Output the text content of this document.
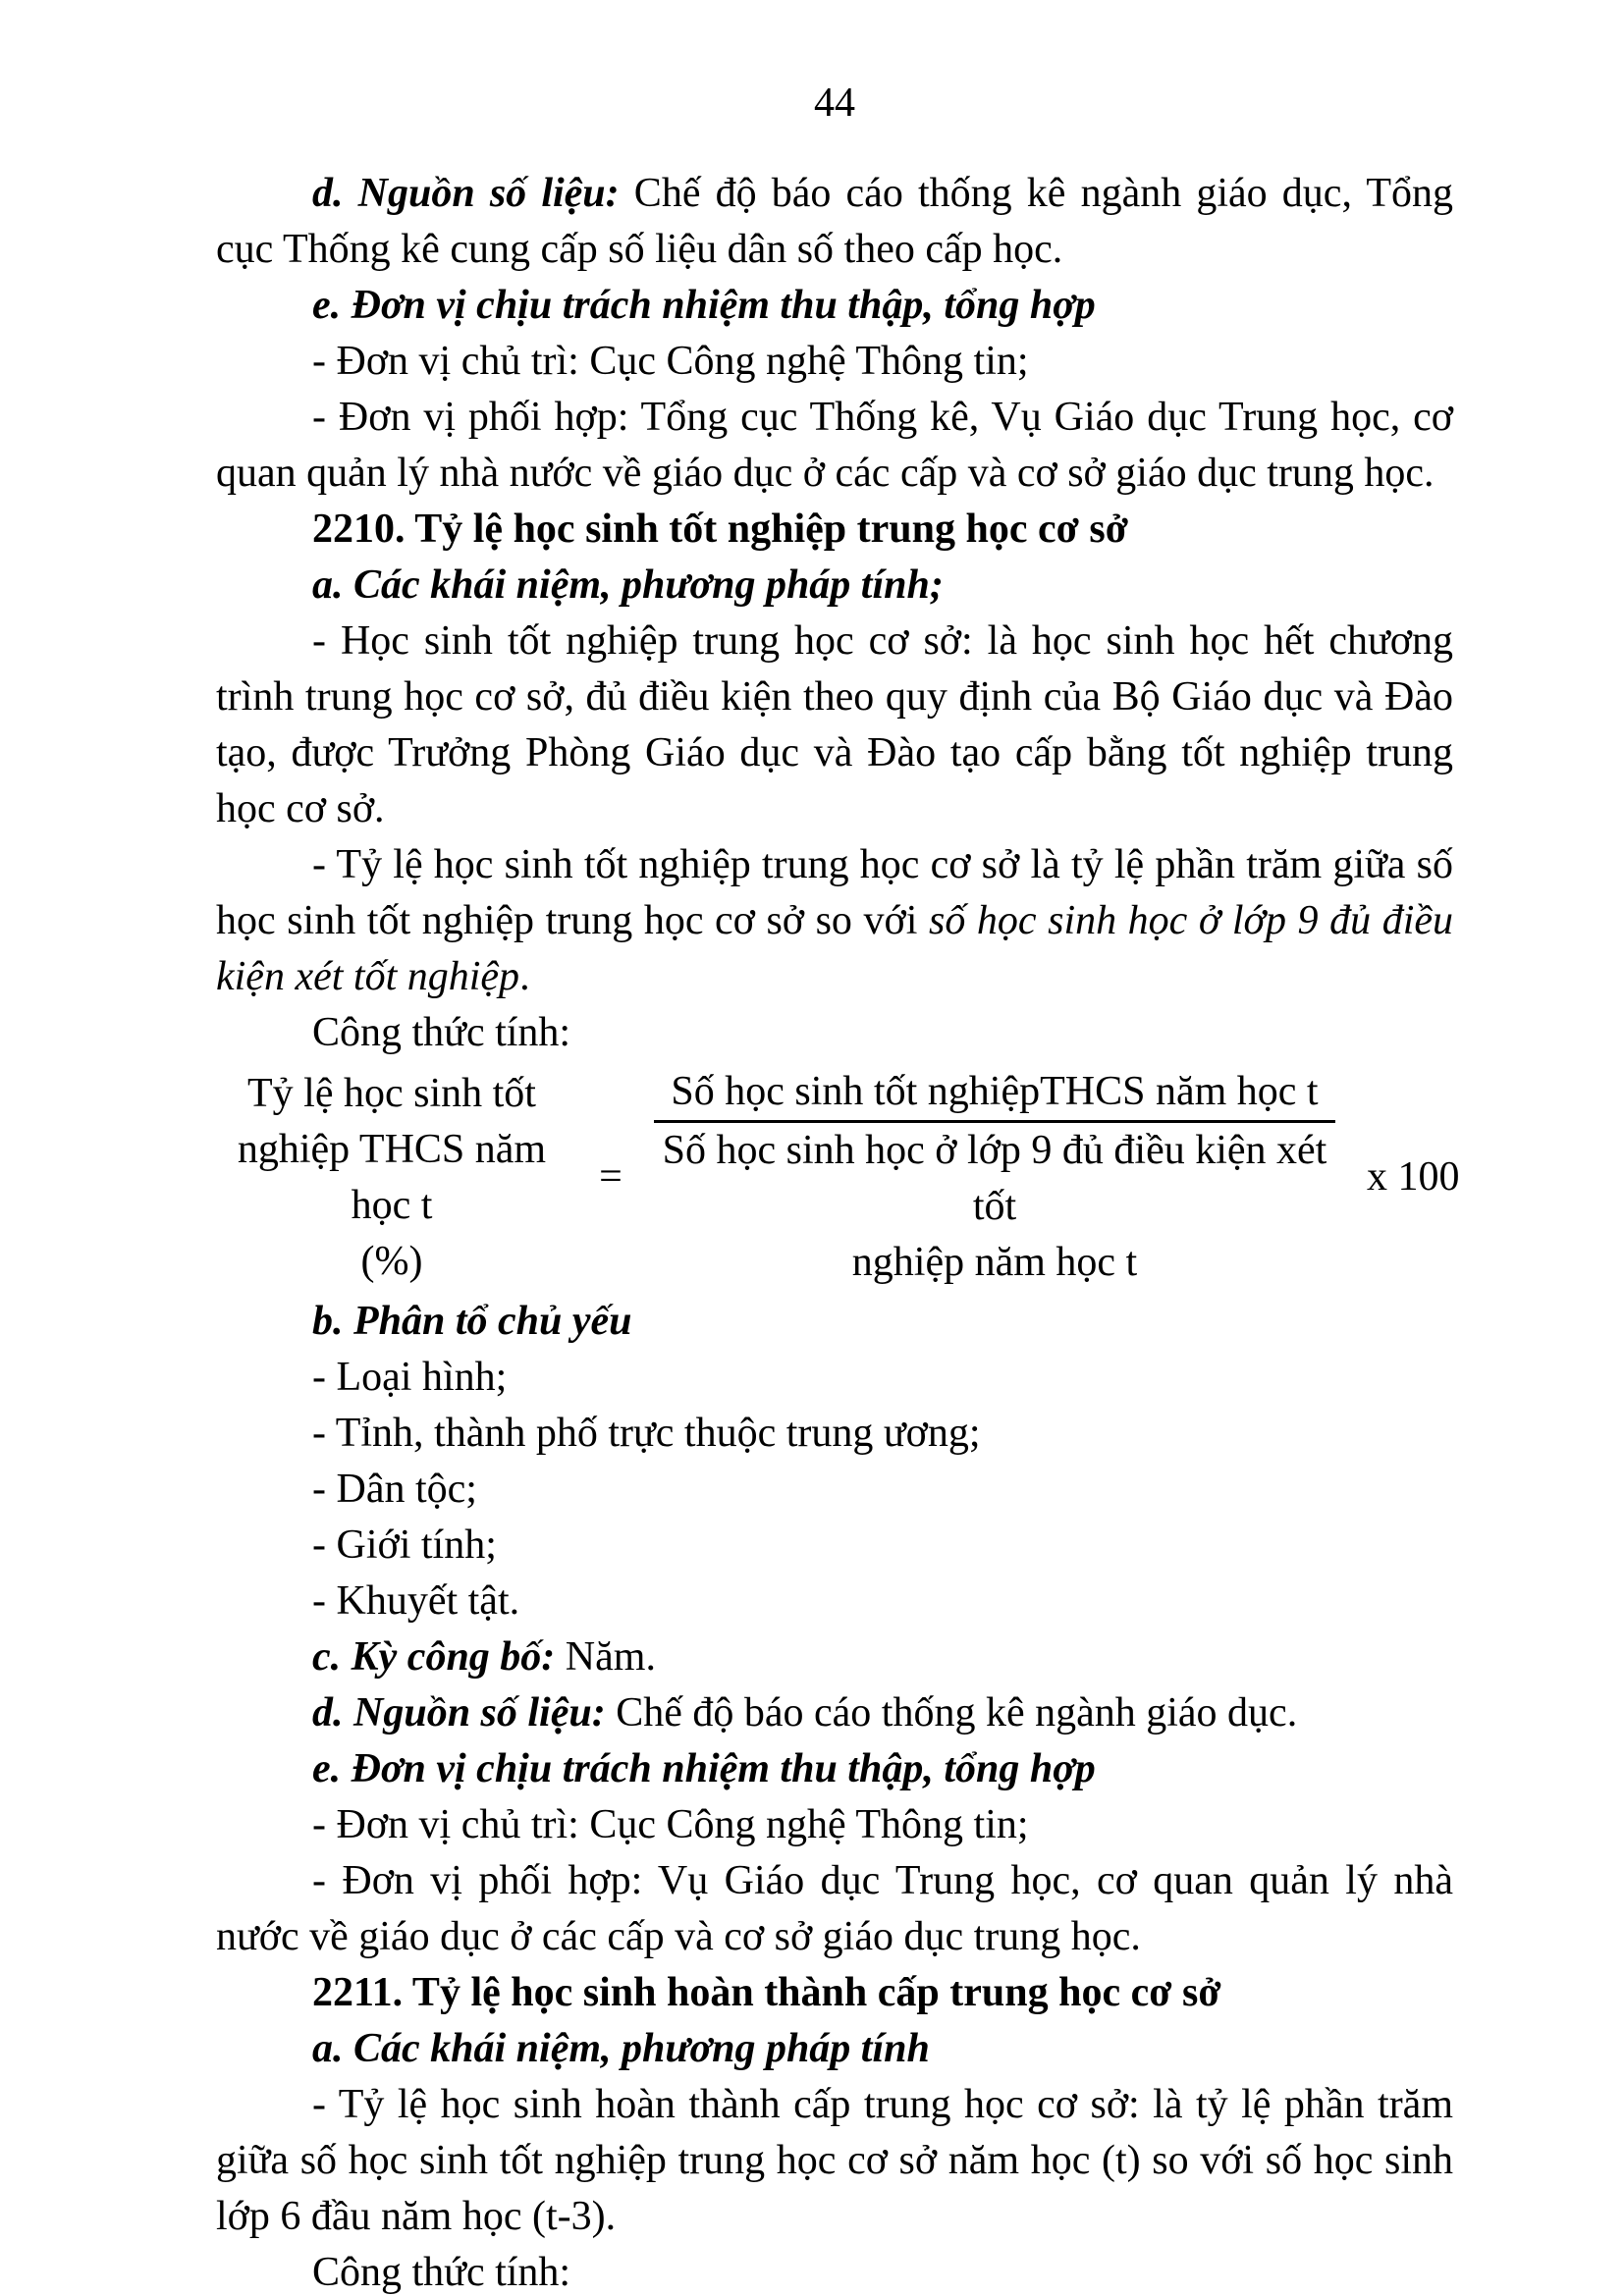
44

d. Nguồn số liệu: Chế độ báo cáo thống kê ngành giáo dục, Tổng cục Thống kê cung cấp số liệu dân số theo cấp học.

e. Đơn vị chịu trách nhiệm thu thập, tổng hợp

- Đơn vị chủ trì: Cục Công nghệ Thông tin;

- Đơn vị phối hợp: Tổng cục Thống kê, Vụ Giáo dục Trung học, cơ quan quản lý nhà nước về giáo dục ở các cấp và cơ sở giáo dục trung học.

2210. Tỷ lệ học sinh tốt nghiệp trung học cơ sở

a. Các khái niệm, phương pháp tính;

- Học sinh tốt nghiệp trung học cơ sở: là học sinh học hết chương trình trung học cơ sở, đủ điều kiện theo quy định của Bộ Giáo dục và Đào tạo, được Trưởng Phòng Giáo dục và Đào tạo cấp bằng tốt nghiệp trung học cơ sở.

- Tỷ lệ học sinh tốt nghiệp trung học cơ sở là tỷ lệ phần trăm giữa số học sinh tốt nghiệp trung học cơ sở so với số học sinh học ở lớp 9 đủ điều kiện xét tốt nghiệp.

Công thức tính:

Tỷ lệ học sinh tốt
nghiệp THCS năm học t
(%)
=
Số học sinh tốt nghiệpTHCS năm học t
Số học sinh học ở lớp 9 đủ điều kiện xét tốt
nghiệp năm học t
x 100

b. Phân tổ chủ yếu

- Loại hình;

- Tỉnh, thành phố trực thuộc trung ương;

- Dân tộc;

- Giới tính;

- Khuyết tật.

c. Kỳ công bố: Năm.

d. Nguồn số liệu: Chế độ báo cáo thống kê ngành giáo dục.

e. Đơn vị chịu trách nhiệm thu thập, tổng hợp

- Đơn vị chủ trì: Cục Công nghệ Thông tin;

- Đơn vị phối hợp: Vụ Giáo dục Trung học, cơ quan quản lý nhà nước về giáo dục ở các cấp và cơ sở giáo dục trung học.

2211. Tỷ lệ học sinh hoàn thành cấp trung học cơ sở

a. Các khái niệm, phương pháp tính

- Tỷ lệ học sinh hoàn thành cấp trung học cơ sở: là tỷ lệ phần trăm giữa số học sinh tốt nghiệp trung học cơ sở năm học (t) so với số học sinh lớp 6 đầu năm học (t-3).

Công thức tính:
